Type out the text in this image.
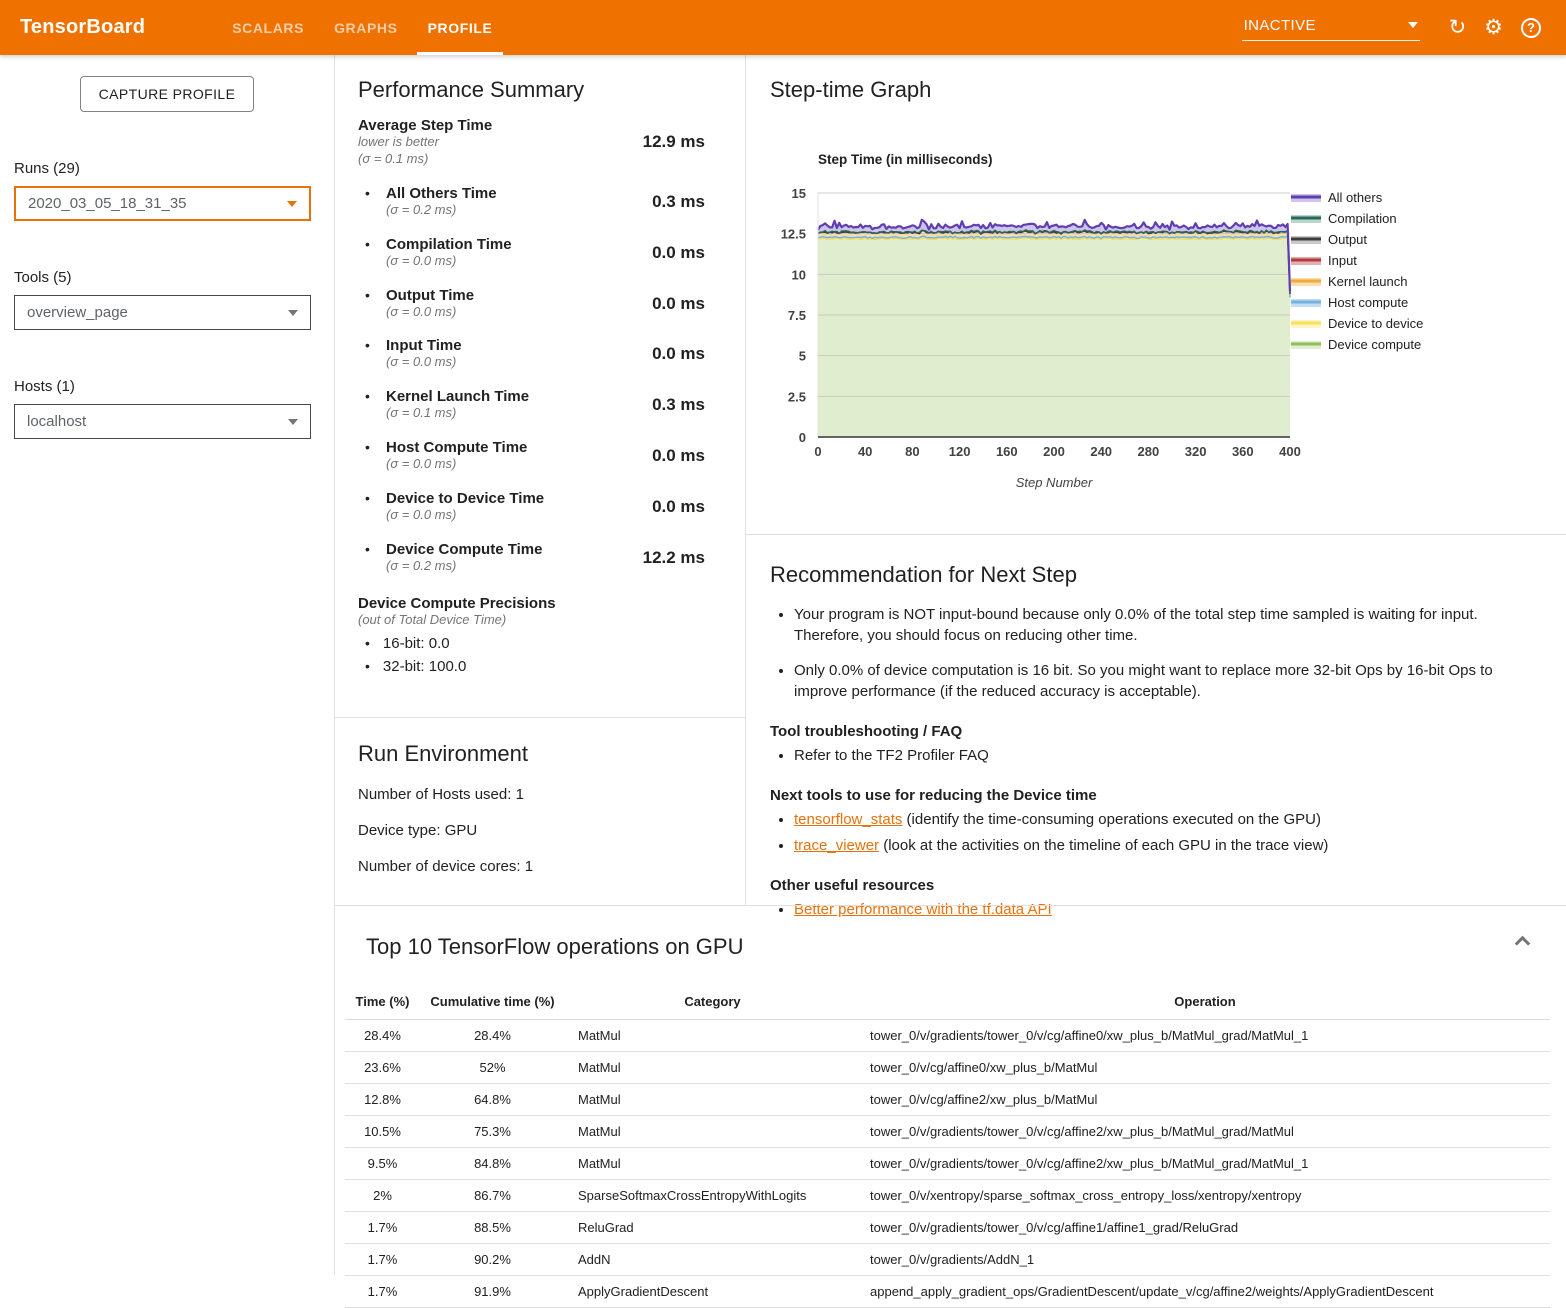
TensorBoard	SCALARS	GRAPHS	PROFILE	INACTIVE	↻ ⚙	?
CAPTURE PROFILE
Runs (29)
2020_03_05_18_31_35
Tools (5)
overview_page
Hosts (1)
localhost
Performance Summary
Average Step Time
lower is better
(σ = 0.1 ms)
12.9 ms
• All Others Time
(σ = 0.2 ms)	0.3 ms
• Compilation Time
(σ = 0.0 ms)	0.0 ms
• Output Time
(σ = 0.0 ms)	0.0 ms
• Input Time
(σ = 0.0 ms)	0.0 ms
• Kernel Launch Time
(σ = 0.1 ms)	0.3 ms
• Host Compute Time
(σ = 0.0 ms)	0.0 ms
• Device to Device Time
(σ = 0.0 ms)	0.0 ms
• Device Compute Time
(σ = 0.2 ms)	12.2 ms
Device Compute Precisions
(out of Total Device Time)
• 16-bit: 0.0
• 32-bit: 100.0
Run Environment
Number of Hosts used: 1
Device type: GPU
Number of device cores: 1
Step-time Graph
0
2.5
5
7.5
10
12.5
15
0	40	80 120 160 200 240 280 320 360 400
Step Time (in milliseconds)
Step Number
All others
Compilation
Output
Input
Kernel launch
Host compute
Device to device
Device compute
Recommendation for Next Step
• Your program is NOT input-bound because only 0.0% of the total step time sampled is waiting for input. Therefore, you should focus on reducing other time.
• Only 0.0% of device computation is 16 bit. So you might want to replace more 32-bit Ops by 16-bit Ops to improve performance (if the reduced accuracy is acceptable).
Tool troubleshooting / FAQ
• Refer to the TF2 Profiler FAQ
Next tools to use for reducing the Device time
• tensorflow_stats (identify the time-consuming operations executed on the GPU)
• trace_viewer (look at the activities on the timeline of each GPU in the trace view)
Other useful resources
• Better performance with the tf.data API
Top 10 TensorFlow operations on GPU
Time (%)	Cumulative time (%)	Category	Operation
28.4%	28.4%	MatMul	tower_0/v/gradients/tower_0/v/cg/affine0/xw_plus_b/MatMul_grad/MatMul_1
23.6%	52%	MatMul	tower_0/v/cg/affine0/xw_plus_b/MatMul
12.8%	64.8%	MatMul	tower_0/v/cg/affine2/xw_plus_b/MatMul
10.5%	75.3%	MatMul	tower_0/v/gradients/tower_0/v/cg/affine2/xw_plus_b/MatMul_grad/MatMul
9.5%	84.8%	MatMul	tower_0/v/gradients/tower_0/v/cg/affine2/xw_plus_b/MatMul_grad/MatMul_1
2%	86.7%	SparseSoftmaxCrossEntropyWithLogits	tower_0/v/xentropy/sparse_softmax_cross_entropy_loss/xentropy/xentropy
1.7%	88.5%	ReluGrad	tower_0/v/gradients/tower_0/v/cg/affine1/affine1_grad/ReluGrad
1.7%	90.2%	AddN	tower_0/v/gradients/AddN_1
1.7%	91.9%	ApplyGradientDescent	append_apply_gradient_ops/GradientDescent/update_v/cg/affine2/weights/ApplyGradientDescent
